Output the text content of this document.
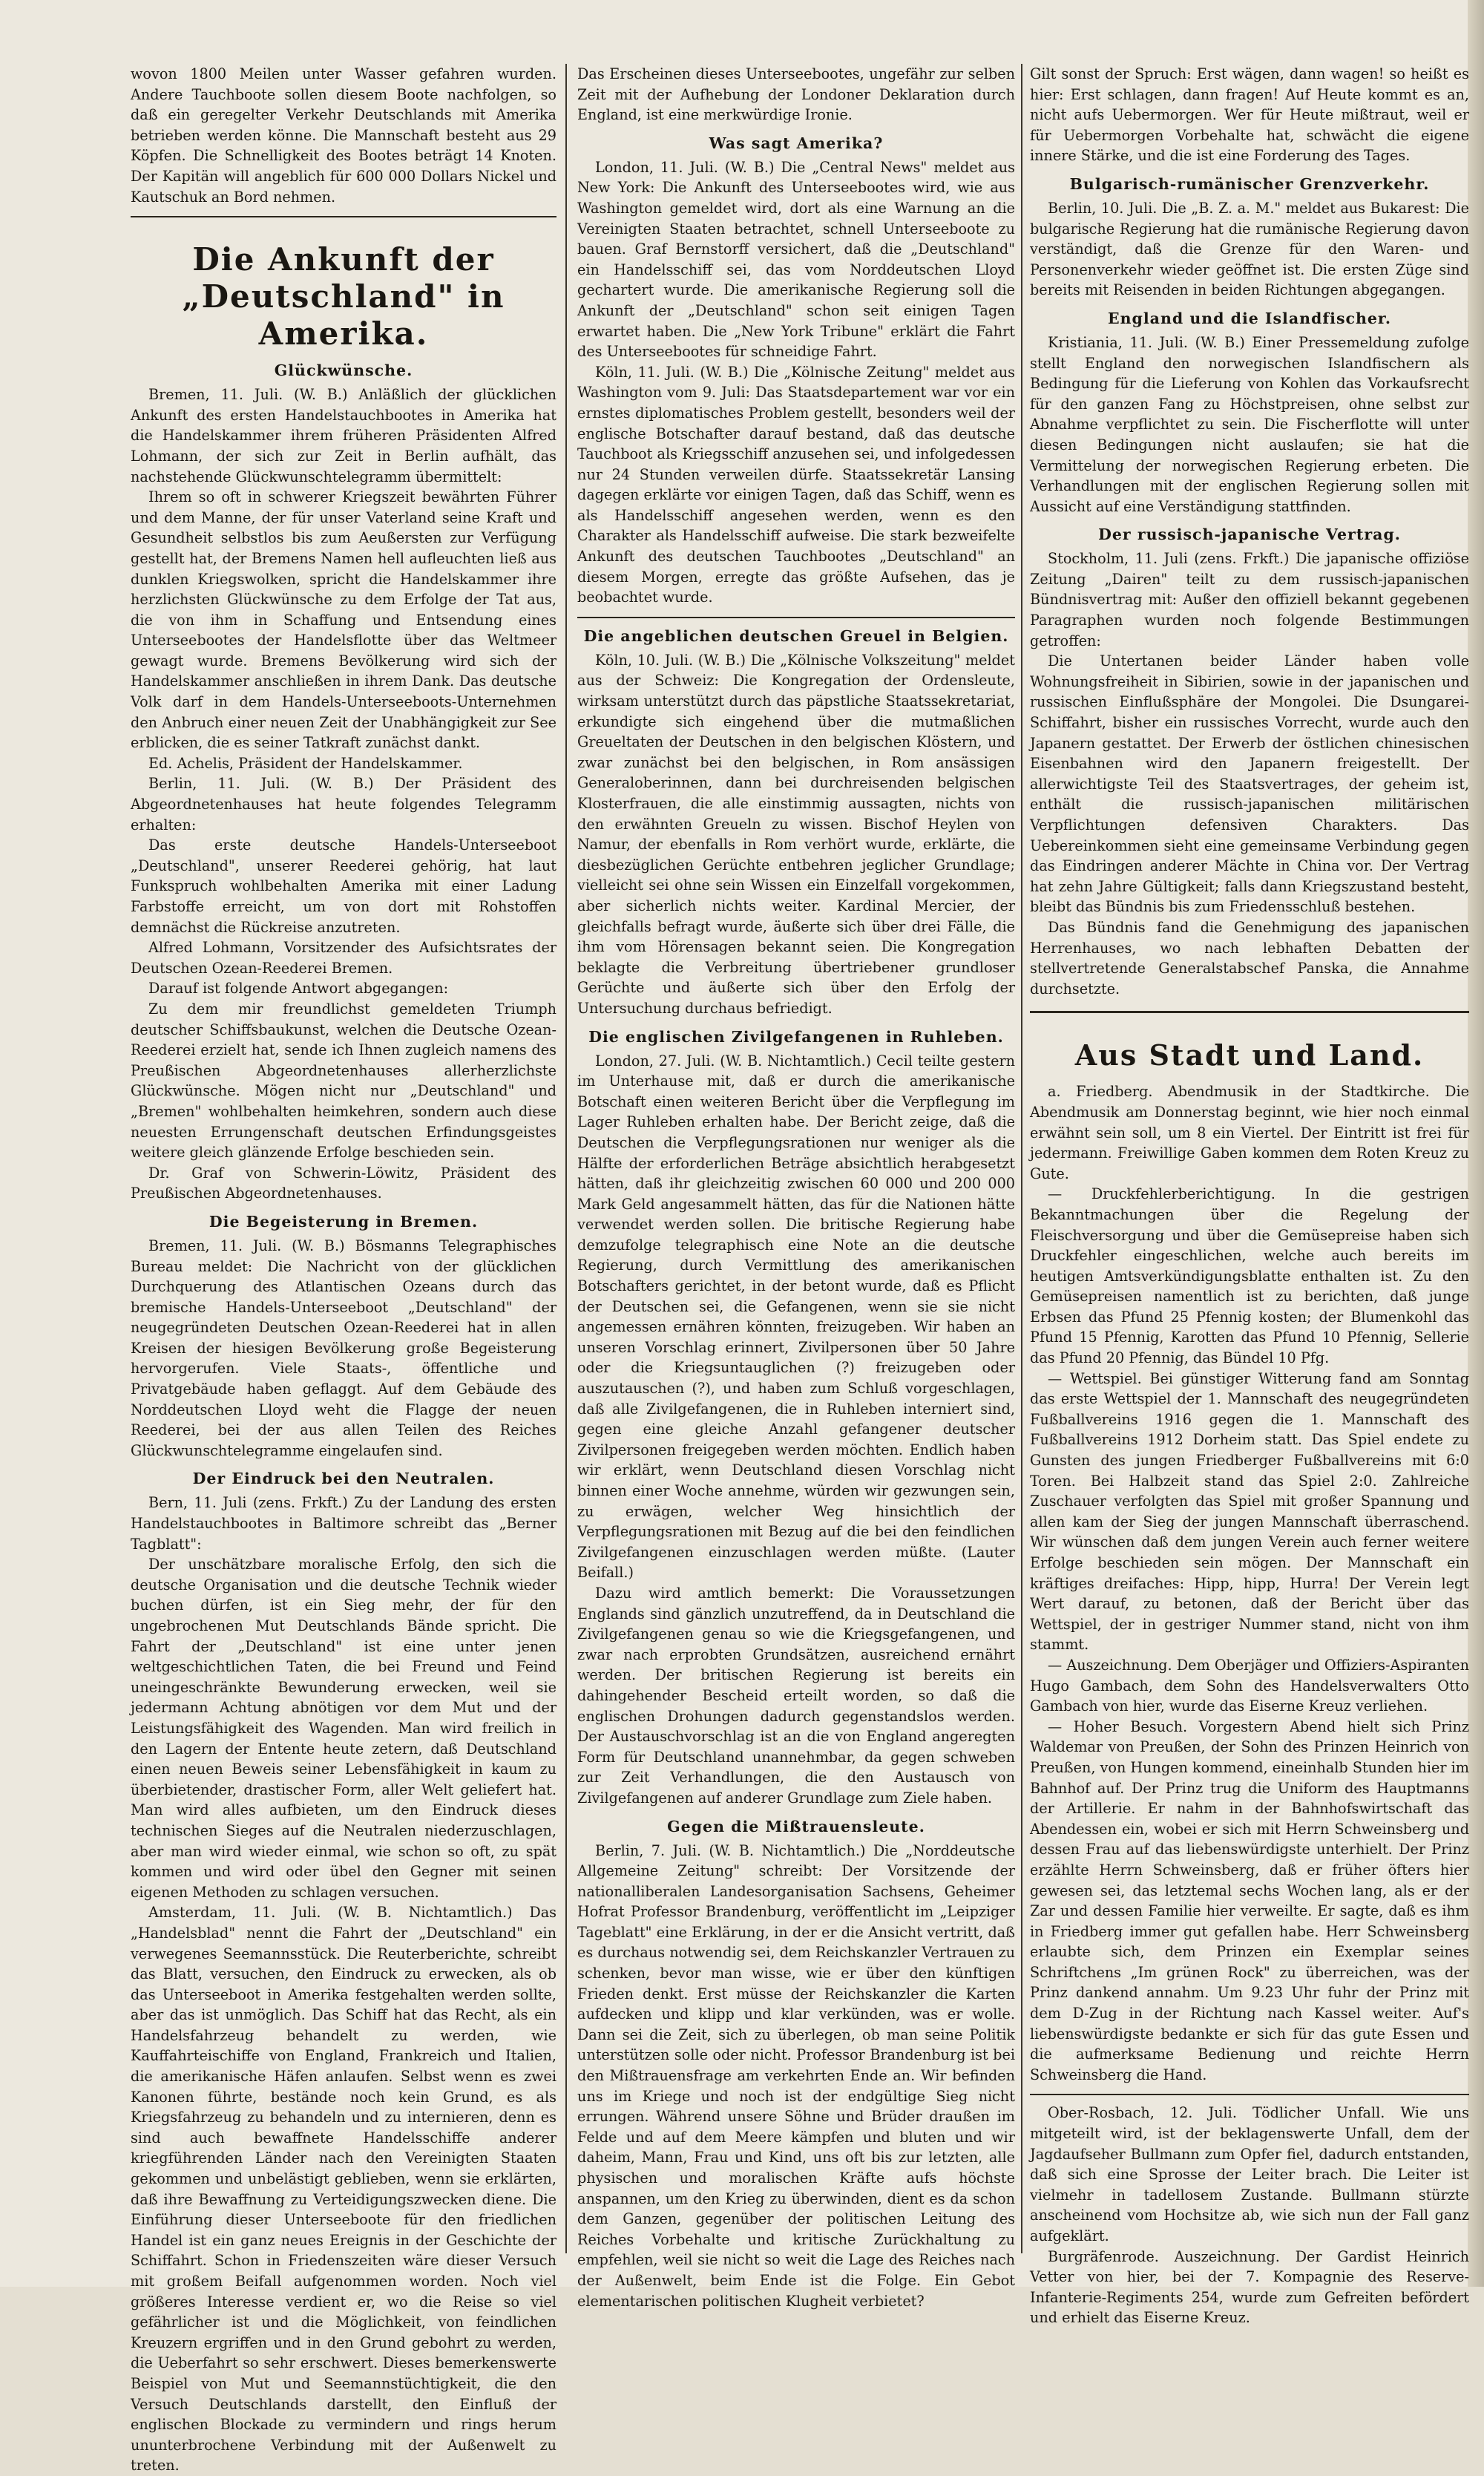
wovon 1800 Meilen unter Wasser gefahren wurden. Andere Tauchboote sollen diesem Boote nachfolgen, so daß ein geregelter Verkehr Deutschlands mit Amerika betrieben werden könne. Die Mannschaft besteht aus 29 Köpfen. Die Schnelligkeit des Bootes beträgt 14 Knoten. Der Kapitän will angeblich für 600 000 Dollars Nickel und Kautschuk an Bord nehmen.

Die Ankunft der „Deutschland" in Amerika.
Glückwünsche.

Bremen, 11. Juli. (W. B.) Anläßlich der glücklichen Ankunft des ersten Handelstauchbootes in Amerika hat die Handelskammer ihrem früheren Präsidenten Alfred Lohmann, der sich zur Zeit in Berlin aufhält, das nachstehende Glückwunschtelegramm übermittelt:

Ihrem so oft in schwerer Kriegszeit bewährten Führer und dem Manne, der für unser Vaterland seine Kraft und Gesundheit selbstlos bis zum Aeußersten zur Verfügung gestellt hat, der Bremens Namen hell aufleuchten ließ aus dunklen Kriegswolken, spricht die Handelskammer ihre herzlichsten Glückwünsche zu dem Erfolge der Tat aus, die von ihm in Schaffung und Entsendung eines Unterseebootes der Handelsflotte über das Weltmeer gewagt wurde. Bremens Bevölkerung wird sich der Handelskammer anschließen in ihrem Dank. Das deutsche Volk darf in dem Handels-Unterseeboots-Unternehmen den Anbruch einer neuen Zeit der Unabhängigkeit zur See erblicken, die es seiner Tatkraft zunächst dankt.

Ed. Achelis, Präsident der Handelskammer.

Berlin, 11. Juli. (W. B.) Der Präsident des Abgeordnetenhauses hat heute folgendes Telegramm erhalten:

Das erste deutsche Handels-Unterseeboot „Deutschland", unserer Reederei gehörig, hat laut Funkspruch wohlbehalten Amerika mit einer Ladung Farbstoffe erreicht, um von dort mit Rohstoffen demnächst die Rückreise anzutreten.

Alfred Lohmann, Vorsitzender des Aufsichtsrates der Deutschen Ozean-Reederei Bremen.

Darauf ist folgende Antwort abgegangen:

Zu dem mir freundlichst gemeldeten Triumph deutscher Schiffsbaukunst, welchen die Deutsche Ozean-Reederei erzielt hat, sende ich Ihnen zugleich namens des Preußischen Abgeordnetenhauses allerherzlichste Glückwünsche. Mögen nicht nur „Deutschland" und „Bremen" wohlbehalten heimkehren, sondern auch diese neuesten Errungenschaft deutschen Erfindungsgeistes weitere gleich glänzende Erfolge beschieden sein.

Dr. Graf von Schwerin-Löwitz, Präsident des Preußischen Abgeordnetenhauses.

Die Begeisterung in Bremen.

Bremen, 11. Juli. (W. B.) Bösmanns Telegraphisches Bureau meldet: Die Nachricht von der glücklichen Durchquerung des Atlantischen Ozeans durch das bremische Handels-Unterseeboot „Deutschland" der neugegründeten Deutschen Ozean-Reederei hat in allen Kreisen der hiesigen Bevölkerung große Begeisterung hervorgerufen. Viele Staats-, öffentliche und Privatgebäude haben geflaggt. Auf dem Gebäude des Norddeutschen Lloyd weht die Flagge der neuen Reederei, bei der aus allen Teilen des Reiches Glückwunschtelegramme eingelaufen sind.

Der Eindruck bei den Neutralen.

Bern, 11. Juli (zens. Frkft.) Zu der Landung des ersten Handelstauchbootes in Baltimore schreibt das „Berner Tagblatt":

Der unschätzbare moralische Erfolg, den sich die deutsche Organisation und die deutsche Technik wieder buchen dürfen, ist ein Sieg mehr, der für den ungebrochenen Mut Deutschlands Bände spricht. Die Fahrt der „Deutschland" ist eine unter jenen weltgeschichtlichen Taten, die bei Freund und Feind uneingeschränkte Bewunderung erwecken, weil sie jedermann Achtung abnötigen vor dem Mut und der Leistungsfähigkeit des Wagenden. Man wird freilich in den Lagern der Entente heute zetern, daß Deutschland einen neuen Beweis seiner Lebensfähigkeit in kaum zu überbietender, drastischer Form, aller Welt geliefert hat. Man wird alles aufbieten, um den Eindruck dieses technischen Sieges auf die Neutralen niederzuschlagen, aber man wird wieder einmal, wie schon so oft, zu spät kommen und wird oder übel den Gegner mit seinen eigenen Methoden zu schlagen versuchen.

Amsterdam, 11. Juli. (W. B. Nichtamtlich.) Das „Handelsblad" nennt die Fahrt der „Deutschland" ein verwegenes Seemannsstück. Die Reuterberichte, schreibt das Blatt, versuchen, den Eindruck zu erwecken, als ob das Unterseeboot in Amerika festgehalten werden sollte, aber das ist unmöglich. Das Schiff hat das Recht, als ein Handelsfahrzeug behandelt zu werden, wie Kauffahrteischiffe von England, Frankreich und Italien, die amerikanische Häfen anlaufen. Selbst wenn es zwei Kanonen führte, bestände noch kein Grund, es als Kriegsfahrzeug zu behandeln und zu internieren, denn es sind auch bewaffnete Handelsschiffe anderer kriegführenden Länder nach den Vereinigten Staaten gekommen und unbelästigt geblieben, wenn sie erklärten, daß ihre Bewaffnung zu Verteidigungszwecken diene. Die Einführung dieser Unterseeboote für den friedlichen Handel ist ein ganz neues Ereignis in der Geschichte der Schiffahrt. Schon in Friedenszeiten wäre dieser Versuch mit großem Beifall aufgenommen worden. Noch viel größeres Interesse verdient er, wo die Reise so viel gefährlicher ist und die Möglichkeit, von feindlichen Kreuzern ergriffen und in den Grund gebohrt zu werden, die Ueberfahrt so sehr erschwert. Dieses bemerkenswerte Beispiel von Mut und Seemannstüchtigkeit, die den Versuch Deutschlands darstellt, den Einfluß der englischen Blockade zu vermindern und rings herum ununterbrochene Verbindung mit der Außenwelt zu treten.

Das Erscheinen dieses Unterseebootes, ungefähr zur selben Zeit mit der Aufhebung der Londoner Deklaration durch England, ist eine merkwürdige Ironie.

Was sagt Amerika?

London, 11. Juli. (W. B.) Die „Central News" meldet aus New York: Die Ankunft des Unterseebootes wird, wie aus Washington gemeldet wird, dort als eine Warnung an die Vereinigten Staaten betrachtet, schnell Unterseeboote zu bauen. Graf Bernstorff versichert, daß die „Deutschland" ein Handelsschiff sei, das vom Norddeutschen Lloyd gechartert wurde. Die amerikanische Regierung soll die Ankunft der „Deutschland" schon seit einigen Tagen erwartet haben. Die „New York Tribune" erklärt die Fahrt des Unterseebootes für schneidige Fahrt.

Köln, 11. Juli. (W. B.) Die „Kölnische Zeitung" meldet aus Washington vom 9. Juli: Das Staatsdepartement war vor ein ernstes diplomatisches Problem gestellt, besonders weil der englische Botschafter darauf bestand, daß das deutsche Tauchboot als Kriegsschiff anzusehen sei, und infolgedessen nur 24 Stunden verweilen dürfe. Staatssekretär Lansing dagegen erklärte vor einigen Tagen, daß das Schiff, wenn es als Handelsschiff angesehen werden, wenn es den Charakter als Handelsschiff aufweise. Die stark bezweifelte Ankunft des deutschen Tauchbootes „Deutschland" an diesem Morgen, erregte das größte Aufsehen, das je beobachtet wurde.

Die angeblichen deutschen Greuel in Belgien.

Köln, 10. Juli. (W. B.) Die „Kölnische Volkszeitung" meldet aus der Schweiz: Die Kongregation der Ordensleute, wirksam unterstützt durch das päpstliche Staatssekretariat, erkundigte sich eingehend über die mutmaßlichen Greueltaten der Deutschen in den belgischen Klöstern, und zwar zunächst bei den belgischen, in Rom ansässigen Generaloberinnen, dann bei durchreisenden belgischen Klosterfrauen, die alle einstimmig aussagten, nichts von den erwähnten Greueln zu wissen. Bischof Heylen von Namur, der ebenfalls in Rom verhört wurde, erklärte, die diesbezüglichen Gerüchte entbehren jeglicher Grundlage; vielleicht sei ohne sein Wissen ein Einzelfall vorgekommen, aber sicherlich nichts weiter. Kardinal Mercier, der gleichfalls befragt wurde, äußerte sich über drei Fälle, die ihm vom Hörensagen bekannt seien. Die Kongregation beklagte die Verbreitung übertriebener grundloser Gerüchte und äußerte sich über den Erfolg der Untersuchung durchaus befriedigt.

Die englischen Zivilgefangenen in Ruhleben.

London, 27. Juli. (W. B. Nichtamtlich.) Cecil teilte gestern im Unterhause mit, daß er durch die amerikanische Botschaft einen weiteren Bericht über die Verpflegung im Lager Ruhleben erhalten habe. Der Bericht zeige, daß die Deutschen die Verpflegungsrationen nur weniger als die Hälfte der erforderlichen Beträge absichtlich herabgesetzt hätten, daß ihr gleichzeitig zwischen 60 000 und 200 000 Mark Geld angesammelt hätten, das für die Nationen hätte verwendet werden sollen. Die britische Regierung habe demzufolge telegraphisch eine Note an die deutsche Regierung, durch Vermittlung des amerikanischen Botschafters gerichtet, in der betont wurde, daß es Pflicht der Deutschen sei, die Gefangenen, wenn sie sie nicht angemessen ernähren könnten, freizugeben. Wir haben an unseren Vorschlag erinnert, Zivilpersonen über 50 Jahre oder die Kriegsuntauglichen (?) freizugeben oder auszutauschen (?), und haben zum Schluß vorgeschlagen, daß alle Zivilgefangenen, die in Ruhleben interniert sind, gegen eine gleiche Anzahl gefangener deutscher Zivilpersonen freigegeben werden möchten. Endlich haben wir erklärt, wenn Deutschland diesen Vorschlag nicht binnen einer Woche annehme, würden wir gezwungen sein, zu erwägen, welcher Weg hinsichtlich der Verpflegungsrationen mit Bezug auf die bei den feindlichen Zivilgefangenen einzuschlagen werden müßte. (Lauter Beifall.)

Dazu wird amtlich bemerkt: Die Voraussetzungen Englands sind gänzlich unzutreffend, da in Deutschland die Zivilgefangenen genau so wie die Kriegsgefangenen, und zwar nach erprobten Grundsätzen, ausreichend ernährt werden. Der britischen Regierung ist bereits ein dahingehender Bescheid erteilt worden, so daß die englischen Drohungen dadurch gegenstandslos werden. Der Austauschvorschlag ist an die von England angeregten Form für Deutschland unannehmbar, da gegen schweben zur Zeit Verhandlungen, die den Austausch von Zivilgefangenen auf anderer Grundlage zum Ziele haben.

Gegen die Mißtrauensleute.

Berlin, 7. Juli. (W. B. Nichtamtlich.) Die „Norddeutsche Allgemeine Zeitung" schreibt: Der Vorsitzende der nationalliberalen Landesorganisation Sachsens, Geheimer Hofrat Professor Brandenburg, veröffentlicht im „Leipziger Tageblatt" eine Erklärung, in der er die Ansicht vertritt, daß es durchaus notwendig sei, dem Reichskanzler Vertrauen zu schenken, bevor man wisse, wie er über den künftigen Frieden denkt. Erst müsse der Reichskanzler die Karten aufdecken und klipp und klar verkünden, was er wolle. Dann sei die Zeit, sich zu überlegen, ob man seine Politik unterstützen solle oder nicht. Professor Brandenburg ist bei den Mißtrauensfrage am verkehrten Ende an. Wir befinden uns im Kriege und noch ist der endgültige Sieg nicht errungen. Während unsere Söhne und Brüder draußen im Felde und auf dem Meere kämpfen und bluten und wir daheim, Mann, Frau und Kind, uns oft bis zur letzten, alle physischen und moralischen Kräfte aufs höchste anspannen, um den Krieg zu überwinden, dient es da schon dem Ganzen, gegenüber der politischen Leitung des Reiches Vorbehalte und kritische Zurückhaltung zu empfehlen, weil sie nicht so weit die Lage des Reiches nach der Außenwelt, beim Ende ist die Folge. Ein Gebot elementarischen politischen Klugheit verbietet?

Gilt sonst der Spruch: Erst wägen, dann wagen! so heißt es hier: Erst schlagen, dann fragen! Auf Heute kommt es an, nicht aufs Uebermorgen. Wer für Heute mißtraut, weil er für Uebermorgen Vorbehalte hat, schwächt die eigene innere Stärke, und die ist eine Forderung des Tages.

Bulgarisch-rumänischer Grenzverkehr.

Berlin, 10. Juli. Die „B. Z. a. M." meldet aus Bukarest: Die bulgarische Regierung hat die rumänische Regierung davon verständigt, daß die Grenze für den Waren- und Personenverkehr wieder geöffnet ist. Die ersten Züge sind bereits mit Reisenden in beiden Richtungen abgegangen.

England und die Islandfischer.

Kristiania, 11. Juli. (W. B.) Einer Pressemeldung zufolge stellt England den norwegischen Islandfischern als Bedingung für die Lieferung von Kohlen das Vorkaufsrecht für den ganzen Fang zu Höchstpreisen, ohne selbst zur Abnahme verpflichtet zu sein. Die Fischerflotte will unter diesen Bedingungen nicht auslaufen; sie hat die Vermittelung der norwegischen Regierung erbeten. Die Verhandlungen mit der englischen Regierung sollen mit Aussicht auf eine Verständigung stattfinden.

Der russisch-japanische Vertrag.

Stockholm, 11. Juli (zens. Frkft.) Die japanische offiziöse Zeitung „Dairen" teilt zu dem russisch-japanischen Bündnisvertrag mit: Außer den offiziell bekannt gegebenen Paragraphen wurden noch folgende Bestimmungen getroffen:

Die Untertanen beider Länder haben volle Wohnungsfreiheit in Sibirien, sowie in der japanischen und russischen Einflußsphäre der Mongolei. Die Dsungarei-Schiffahrt, bisher ein russisches Vorrecht, wurde auch den Japanern gestattet. Der Erwerb der östlichen chinesischen Eisenbahnen wird den Japanern freigestellt. Der allerwichtigste Teil des Staatsvertrages, der geheim ist, enthält die russisch-japanischen militärischen Verpflichtungen defensiven Charakters. Das Uebereinkommen sieht eine gemeinsame Verbindung gegen das Eindringen anderer Mächte in China vor. Der Vertrag hat zehn Jahre Gültigkeit; falls dann Kriegszustand besteht, bleibt das Bündnis bis zum Friedensschluß bestehen.

Das Bündnis fand die Genehmigung des japanischen Herrenhauses, wo nach lebhaften Debatten der stellvertretende Generalstabschef Panska, die Annahme durchsetzte.

Aus Stadt und Land.

a. Friedberg. Abendmusik in der Stadtkirche. Die Abendmusik am Donnerstag beginnt, wie hier noch einmal erwähnt sein soll, um 8 ein Viertel. Der Eintritt ist frei für jedermann. Freiwillige Gaben kommen dem Roten Kreuz zu Gute.

— Druckfehlerberichtigung. In die gestrigen Bekanntmachungen über die Regelung der Fleischversorgung und über die Gemüsepreise haben sich Druckfehler eingeschlichen, welche auch bereits im heutigen Amtsverkündigungsblatte enthalten ist. Zu den Gemüsepreisen namentlich ist zu berichten, daß junge Erbsen das Pfund 25 Pfennig kosten; der Blumenkohl das Pfund 15 Pfennig, Karotten das Pfund 10 Pfennig, Sellerie das Pfund 20 Pfennig, das Bündel 10 Pfg.

— Wettspiel. Bei günstiger Witterung fand am Sonntag das erste Wettspiel der 1. Mannschaft des neugegründeten Fußballvereins 1916 gegen die 1. Mannschaft des Fußballvereins 1912 Dorheim statt. Das Spiel endete zu Gunsten des jungen Friedberger Fußballvereins mit 6:0 Toren. Bei Halbzeit stand das Spiel 2:0. Zahlreiche Zuschauer verfolgten das Spiel mit großer Spannung und allen kam der Sieg der jungen Mannschaft überraschend. Wir wünschen daß dem jungen Verein auch ferner weitere Erfolge beschieden sein mögen. Der Mannschaft ein kräftiges dreifaches: Hipp, hipp, Hurra! Der Verein legt Wert darauf, zu betonen, daß der Bericht über das Wettspiel, der in gestriger Nummer stand, nicht von ihm stammt.

— Auszeichnung. Dem Oberjäger und Offiziers-Aspiranten Hugo Gambach, dem Sohn des Handelsverwalters Otto Gambach von hier, wurde das Eiserne Kreuz verliehen.

— Hoher Besuch. Vorgestern Abend hielt sich Prinz Waldemar von Preußen, der Sohn des Prinzen Heinrich von Preußen, von Hungen kommend, eineinhalb Stunden hier im Bahnhof auf. Der Prinz trug die Uniform des Hauptmanns der Artillerie. Er nahm in der Bahnhofswirtschaft das Abendessen ein, wobei er sich mit Herrn Schweinsberg und dessen Frau auf das liebenswürdigste unterhielt. Der Prinz erzählte Herrn Schweinsberg, daß er früher öfters hier gewesen sei, das letztemal sechs Wochen lang, als er der Zar und dessen Familie hier verweilte. Er sagte, daß es ihm in Friedberg immer gut gefallen habe. Herr Schweinsberg erlaubte sich, dem Prinzen ein Exemplar seines Schriftchens „Im grünen Rock" zu überreichen, was der Prinz dankend annahm. Um 9.23 Uhr fuhr der Prinz mit dem D-Zug in der Richtung nach Kassel weiter. Auf's liebenswürdigste bedankte er sich für das gute Essen und die aufmerksame Bedienung und reichte Herrn Schweinsberg die Hand.

Ober-Rosbach, 12. Juli. Tödlicher Unfall. Wie uns mitgeteilt wird, ist der beklagenswerte Unfall, dem der Jagdaufseher Bullmann zum Opfer fiel, dadurch entstanden, daß sich eine Sprosse der Leiter brach. Die Leiter ist vielmehr in tadellosem Zustande. Bullmann stürzte anscheinend vom Hochsitze ab, wie sich nun der Fall ganz aufgeklärt.

Burgräfenrode. Auszeichnung. Der Gardist Heinrich Vetter von hier, bei der 7. Kompagnie des Reserve-Infanterie-Regiments 254, wurde zum Gefreiten befördert und erhielt das Eiserne Kreuz.
